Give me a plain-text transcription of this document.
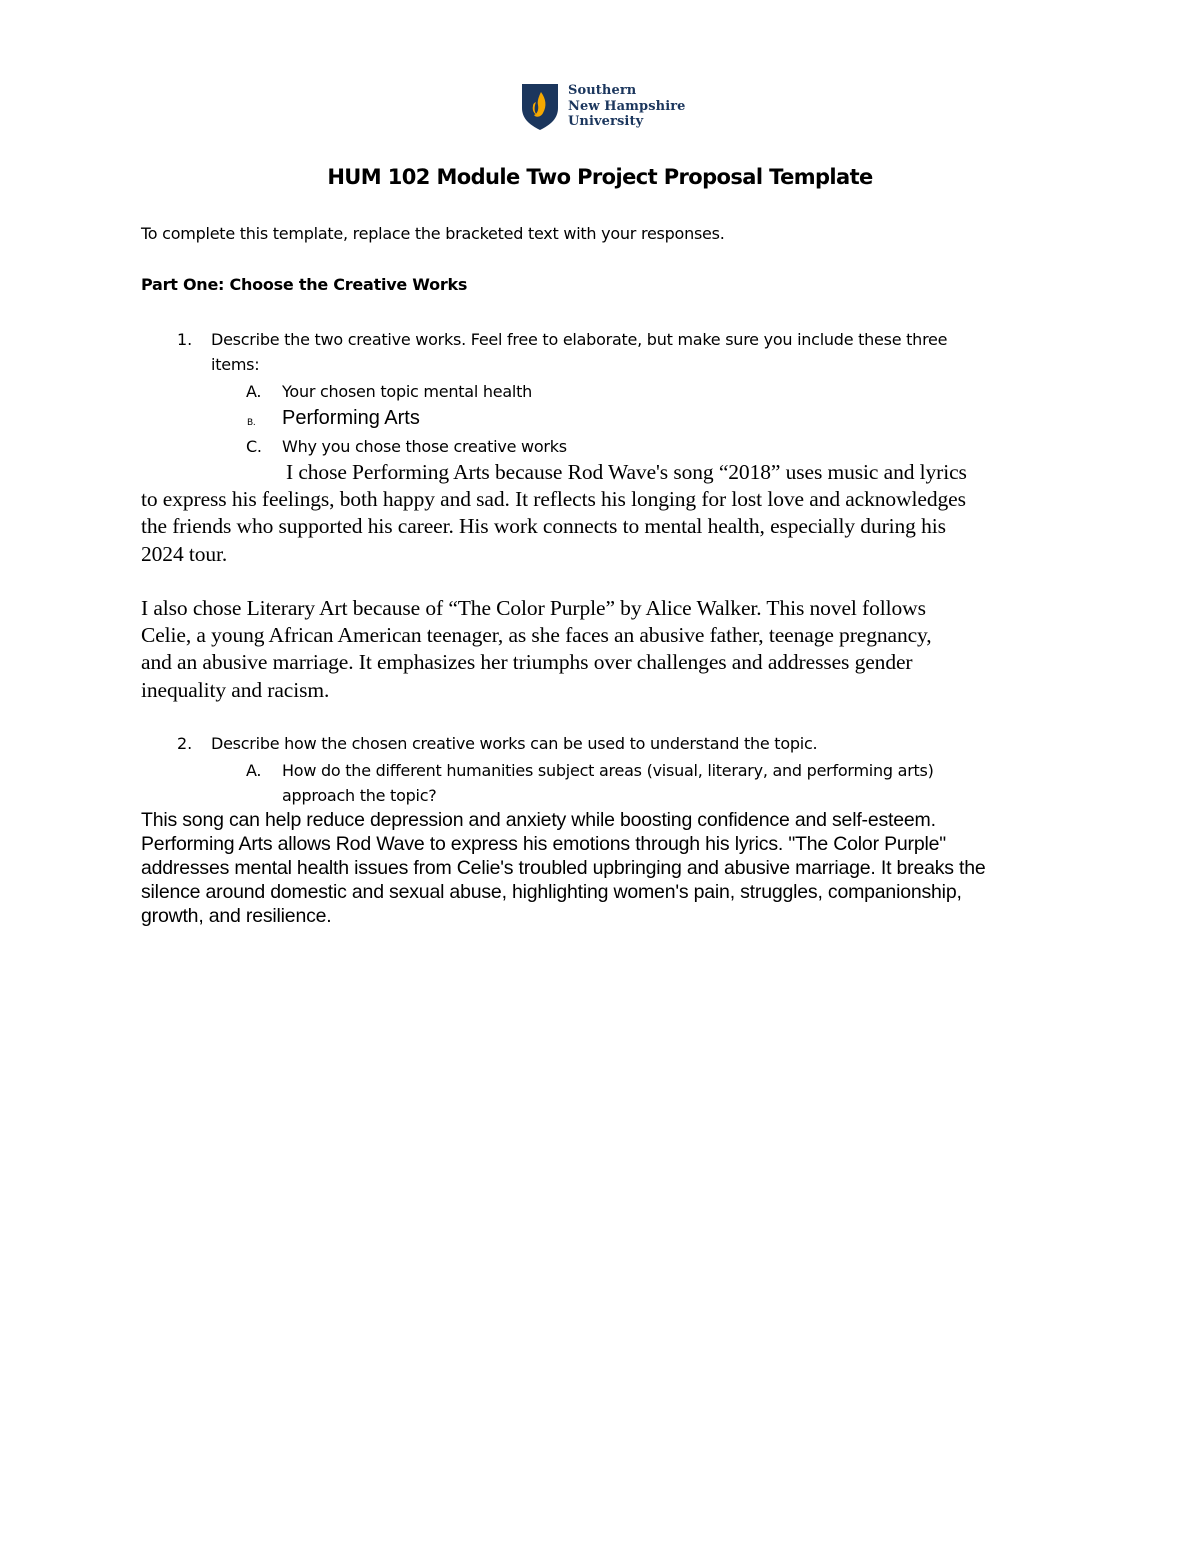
Southern
New Hampshire
University
HUM 102 Module Two Project Proposal Template
To complete this template, replace the bracketed text with your responses.
Part One: Choose the Creative Works
1. Describe the two creative works. Feel free to elaborate, but make sure you include these three
items:
A. Your chosen topic mental health
B. Performing Arts
C. Why you chose those creative works
I chose Performing Arts because Rod Wave's song “2018” uses music and lyrics
to express his feelings, both happy and sad. It reflects his longing for lost love and acknowledges
the friends who supported his career. His work connects to mental health, especially during his
2024 tour.
I also chose Literary Art because of “The Color Purple” by Alice Walker. This novel follows
Celie, a young African American teenager, as she faces an abusive father, teenage pregnancy,
and an abusive marriage. It emphasizes her triumphs over challenges and addresses gender
inequality and racism.
2. Describe how the chosen creative works can be used to understand the topic.
A. How do the different humanities subject areas (visual, literary, and performing arts)
approach the topic?
This song can help reduce depression and anxiety while boosting confidence and self-esteem.
Performing Arts allows Rod Wave to express his emotions through his lyrics. "The Color Purple"
addresses mental health issues from Celie's troubled upbringing and abusive marriage. It breaks the
silence around domestic and sexual abuse, highlighting women's pain, struggles, companionship,
growth, and resilience.
